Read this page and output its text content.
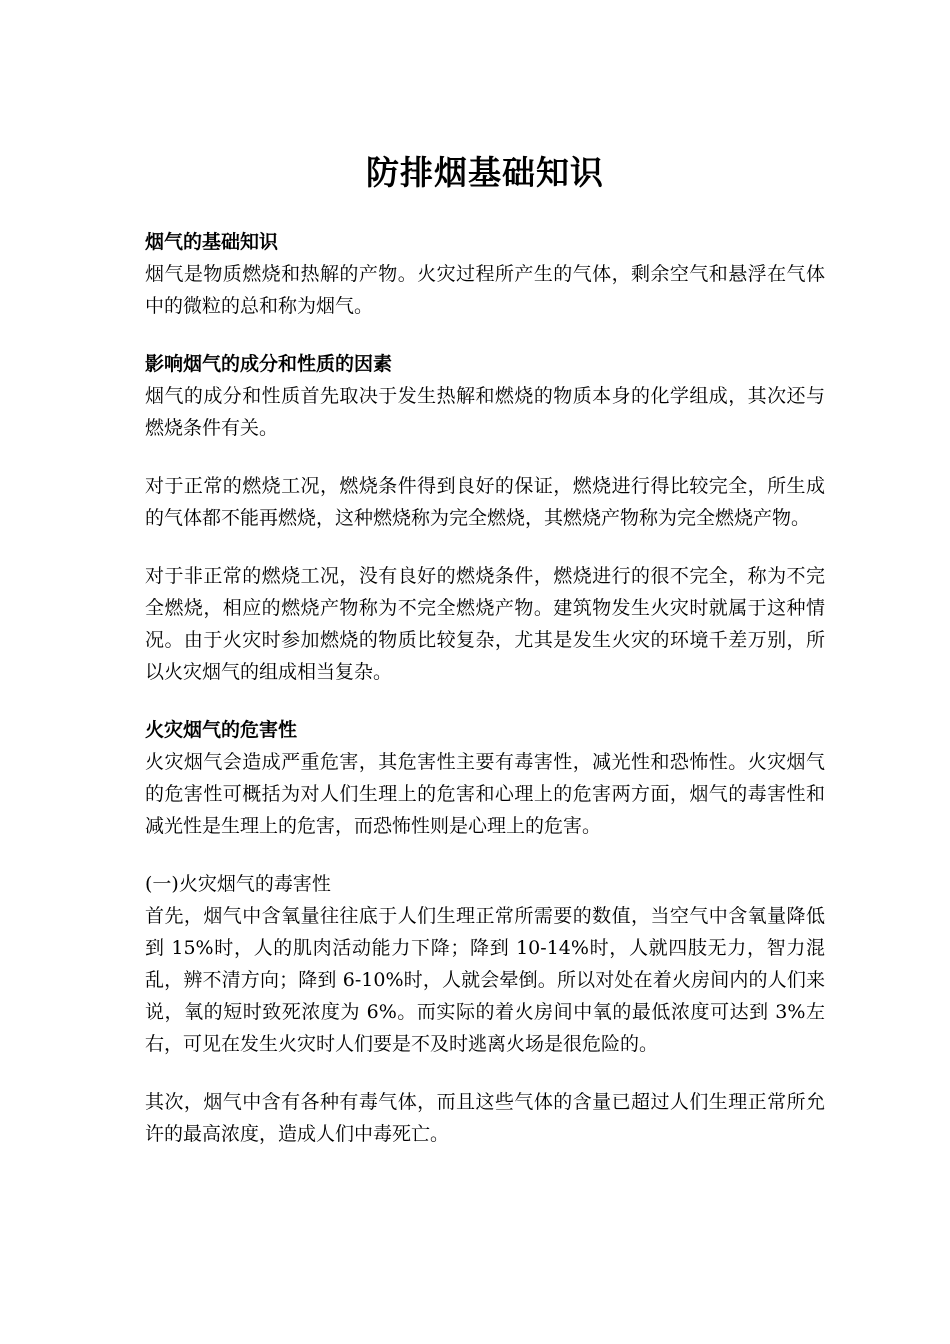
防排烟基础知识

烟气的基础知识

烟气是物质燃烧和热解的产物。火灾过程所产生的气体，剩余空气和悬浮在气体中的微粒的总和称为烟气。

影响烟气的成分和性质的因素

烟气的成分和性质首先取决于发生热解和燃烧的物质本身的化学组成，其次还与燃烧条件有关。

对于正常的燃烧工况，燃烧条件得到良好的保证，燃烧进行得比较完全，所生成的气体都不能再燃烧，这种燃烧称为完全燃烧，其燃烧产物称为完全燃烧产物。

对于非正常的燃烧工况，没有良好的燃烧条件，燃烧进行的很不完全，称为不完全燃烧，相应的燃烧产物称为不完全燃烧产物。建筑物发生火灾时就属于这种情况。由于火灾时参加燃烧的物质比较复杂，尤其是发生火灾的环境千差万别，所以火灾烟气的组成相当复杂。

火灾烟气的危害性

火灾烟气会造成严重危害，其危害性主要有毒害性，减光性和恐怖性。火灾烟气的危害性可概括为对人们生理上的危害和心理上的危害两方面，烟气的毒害性和减光性是生理上的危害，而恐怖性则是心理上的危害。

(一)火灾烟气的毒害性

首先，烟气中含氧量往往底于人们生理正常所需要的数值，当空气中含氧量降低到 15%时，人的肌肉活动能力下降；降到 10-14%时，人就四肢无力，智力混乱，辨不清方向；降到 6-10%时，人就会晕倒。所以对处在着火房间内的人们来说，氧的短时致死浓度为 6%。而实际的着火房间中氧的最低浓度可达到 3%左右，可见在发生火灾时人们要是不及时逃离火场是很危险的。

其次，烟气中含有各种有毒气体，而且这些气体的含量已超过人们生理正常所允许的最高浓度，造成人们中毒死亡。
